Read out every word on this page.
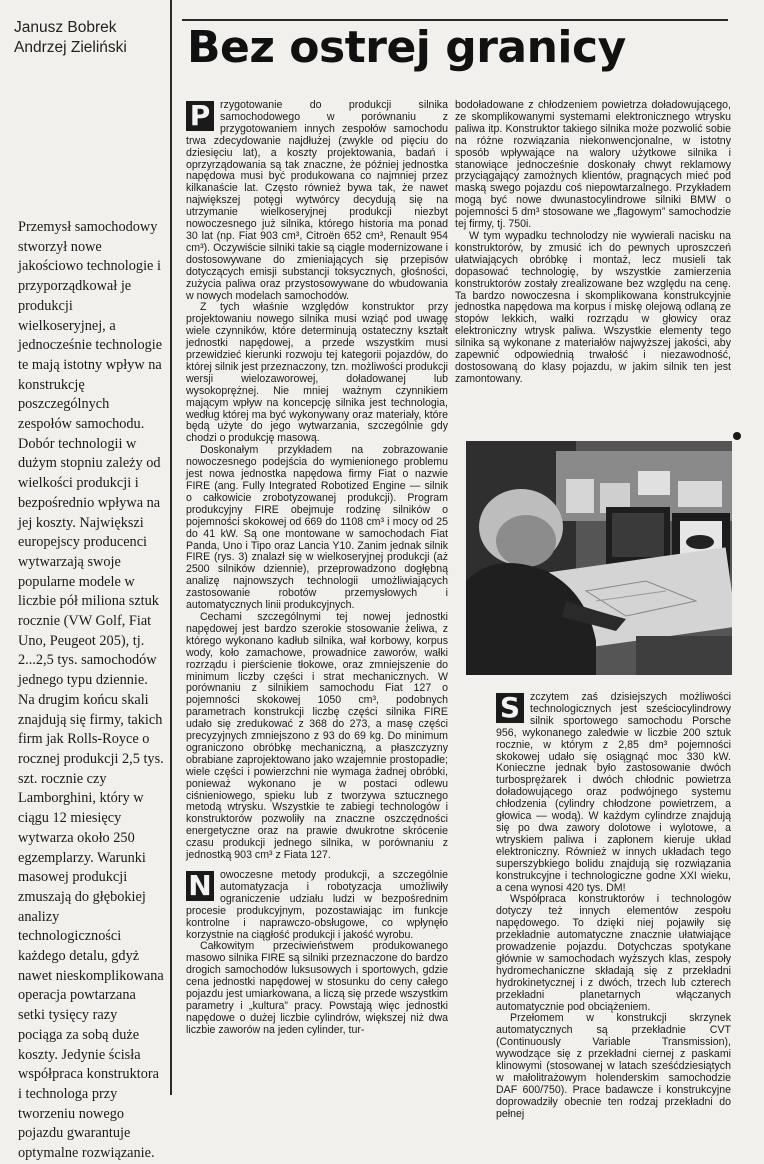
Janusz Bobrek
Andrzej Zieliński	Bez ostrej granicy

Przemysł samochodowy stworzył nowe jakościowo technologie i przyporządkował je produkcji wielkoseryjnej, a jednocześnie technologie te mają istotny wpływ na konstrukcję poszczególnych zespołów samochodu. Dobór technologii w dużym stopniu zależy od wielkości produkcji i bezpośrednio wpływa na jej koszty. Największi europejscy producenci wytwarzają swoje popularne modele w liczbie pół miliona sztuk rocznie (VW Golf, Fiat Uno, Peugeot 205), tj. 2...2,5 tys. samochodów jednego typu dziennie. Na drugim końcu skali znajdują się firmy, takich firm jak Rolls-Royce o rocznej produkcji 2,5 tys. szt. rocznie czy Lamborghini, który w ciągu 12 miesięcy wytwarza około 250 egzemplarzy. Warunki masowej produkcji zmuszają do głębokiej analizy technologiczności każdego detalu, gdyż nawet nieskomplikowana operacja powtarzana setki tysięcy razy pociąga za sobą duże koszty. Jedynie ścisła współpraca konstruktora i technologa przy tworzeniu nowego pojazdu gwarantuje optymalne rozwiązanie.

P rzygotowanie do produkcji silnika samochodowego w porównaniu z przygotowaniem innych zespołów samochodu trwa zdecydowanie najdłużej (zwykle od pięciu do dziesięciu lat), a koszty projektowania, badań i oprzyrządowania są tak znaczne, że później jednostka napędowa musi być produkowana co najmniej przez kilkanaście lat. Często również bywa tak, że nawet największej potęgi wytwórcy decydują się na utrzymanie wielkoseryjnej produkcji niezbyt nowoczesnego już silnika, którego historia ma ponad 30 lat (np. Fiat 903 cm³, Citroën 652 cm³, Renault 954 cm³). Oczywiście silniki takie są ciągle modernizowane i dostosowywane do zmieniających się przepisów dotyczących emisji substancji toksycznych, głośności, zużycia paliwa oraz przystosowywane do wbudowania w nowych modelach samochodów.

Z tych właśnie względów konstruktor przy projektowaniu nowego silnika musi wziąć pod uwagę wiele czynników, które determinują ostateczny kształt jednostki napędowej, a przede wszystkim musi przewidzieć kierunki rozwoju tej kategorii pojazdów, do której silnik jest przeznaczony, tzn. możliwości produkcji wersji wielozaworowej, doładowanej lub wysokoprężnej. Nie mniej ważnym czynnikiem mającym wpływ na koncepcję silnika jest technologia, według której ma być wykonywany oraz materiały, które będą użyte do jego wytwarzania, szczególnie gdy chodzi o produkcję masową.

Doskonałym przykładem na zobrazowanie nowoczesnego podejścia do wymienionego problemu jest nowa jednostka napędowa firmy Fiat o nazwie FIRE (ang. Fully Integrated Robotized Engine — silnik o całkowicie zrobotyzowanej produkcji). Program produkcyjny FIRE obejmuje rodzinę silników o pojemności skokowej od 669 do 1108 cm³ i mocy od 25 do 41 kW. Są one montowane w samochodach Fiat Panda, Uno i Tipo oraz Lancia Y10. Zanim jednak silnik FIRE (rys. 3) znalazł się w wielkoseryjnej produkcji (aż 2500 silników dziennie), przeprowadzono dogłębną analizę najnowszych technologii umożliwiających zastosowanie robotów przemysłowych i automatycznych linii produkcyjnych.

Cechami szczególnymi tej nowej jednostki napędowej jest bardzo szerokie stosowanie żeliwa, z którego wykonano kadłub silnika, wał korbowy, korpus wody, koło zamachowe, prowadnice zaworów, wałki rozrządu i pierścienie tłokowe, oraz zmniejszenie do minimum liczby części i strat mechanicznych. W porównaniu z silnikiem samochodu Fiat 127 o pojemności skokowej 1050 cm³, podobnych parametrach konstrukcji liczbę części silnika FIRE udało się zredukować z 368 do 273, a masę części precyzyjnych zmniejszono z 93 do 69 kg. Do minimum ograniczono obróbkę mechaniczną, a płaszczyzny obrabiane zaprojektowano jako wzajemnie prostopadłe; wiele części i powierzchni nie wymaga żadnej obróbki, ponieważ wykonano je w postaci odlewu ciśnieniowego, spieku lub z tworzywa sztucznego metodą wtrysku. Wszystkie te zabiegi technologów i konstruktorów pozwoliły na znaczne oszczędności energetyczne oraz na prawie dwukrotne skrócenie czasu produkcji jednego silnika, w porównaniu z jednostką 903 cm³ z Fiata 127.

N owoczesne metody produkcji, a szczególnie automatyzacja i robotyzacja umożliwiły ograniczenie udziału ludzi w bezpośrednim procesie produkcyjnym, pozostawiając im funkcje kontrolne i naprawczo-obsługowe, co wpłynęło korzystnie na ciągłość produkcji i jakość wyrobu.

Całkowitym przeciwieństwem produkowanego masowo silnika FIRE są silniki przeznaczone do bardzo drogich samochodów luksusowych i sportowych, gdzie cena jednostki napędowej w stosunku do ceny całego pojazdu jest umiarkowana, a liczą się przede wszystkim parametry i „kultura” pracy. Powstają więc jednostki napędowe o dużej liczbie cylindrów, większej niż dwa liczbie zaworów na jeden cylinder, tur-

bodoładowane z chłodzeniem powietrza doładowującego, ze skomplikowanymi systemami elektronicznego wtrysku paliwa itp. Konstruktor takiego silnika może pozwolić sobie na różne rozwiązania niekonwencjonalne, w istotny sposób wpływające na walory użytkowe silnika i stanowiące jednocześnie doskonały chwyt reklamowy przyciągający zamożnych klientów, pragnących mieć pod maską swego pojazdu coś niepowtarzalnego. Przykładem mogą być nowe dwunastocylindrowe silniki BMW o pojemności 5 dm³ stosowane we „flagowym” samochodzie tej firmy, tj. 750i.

W tym wypadku technolodzy nie wywierali nacisku na konstruktorów, by zmusić ich do pewnych uproszczeń ułatwiających obróbkę i montaż, lecz musieli tak dopasować technologię, by wszystkie zamierzenia konstruktorów zostały zrealizowane bez względu na cenę. Ta bardzo nowoczesna i skomplikowana konstrukcyjnie jednostka napędowa ma korpus i miskę olejową odlaną ze stopów lekkich, wałki rozrządu w głowicy oraz elektroniczny wtrysk paliwa. Wszystkie elementy tego silnika są wykonane z materiałów najwyższej jakości, aby zapewnić odpowiednią trwałość i niezawodność, dostosowaną do klasy pojazdu, w jakim silnik ten jest zamontowany.

S zczytem zaś dzisiejszych możliwości technologicznych jest sześciocylindrowy silnik sportowego samochodu Porsche 956, wykonanego zaledwie w liczbie 200 sztuk rocznie, w którym z 2,85 dm³ pojemności skokowej udało się osiągnąć moc 330 kW. Konieczne jednak było zastosowanie dwóch turbosprężarek i dwóch chłodnic powietrza doładowującego oraz podwójnego systemu chłodzenia (cylindry chłodzone powietrzem, a głowica — wodą). W każdym cylindrze znajdują się po dwa zawory dolotowe i wylotowe, a wtryskiem paliwa i zapłonem kieruje układ elektroniczny. Również w innych układach tego superszybkiego bolidu znajdują się rozwiązania konstrukcyjne i technologiczne godne XXI wieku, a cena wynosi 420 tys. DM!

Współpraca konstruktorów i technologów dotyczy też innych elementów zespołu napędowego. To dzięki niej pojawiły się przekładnie automatyczne znacznie ułatwiające prowadzenie pojazdu. Dotychczas spotykane głównie w samochodach wyższych klas, zespoły hydromechaniczne składają się z przekładni hydrokinetycznej i z dwóch, trzech lub czterech przekładni planetarnych włączanych automatycznie pod obciążeniem.

Przełomem w konstrukcji skrzynek automatycznych są przekładnie CVT (Continuously Variable Transmission), wywodzące się z przekładni ciernej z paskami klinowymi (stosowanej w latach sześćdziesiątych w małolitrażowym holenderskim samochodzie DAF 600/750). Prace badawcze i konstrukcyjne doprowadziły obecnie ten rodzaj przekładni do pełnej
